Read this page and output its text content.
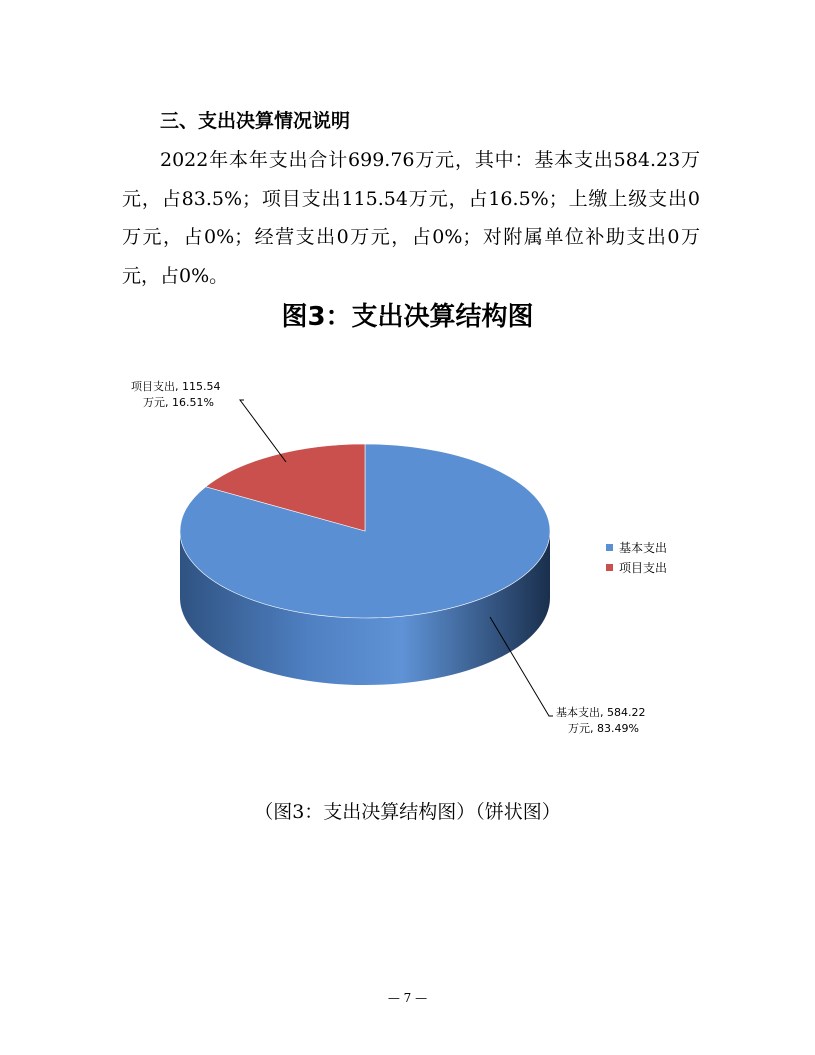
三、支出决算情况说明
2022年本年支出合计699.76万元，其中：基本支出584.23万元，占83.5%；项目支出115.54万元，占16.5%；上缴上级支出0万元，占0%；经营支出0万元，占0%；对附属单位补助支出0万元，占0%。
图3：支出决算结构图
基本支出, 584.22
万元, 83.49%
项目支出, 115.54
万元, 16.51%
基本支出
项目支出
（图3：支出决算结构图）（饼状图）
— 7 —
